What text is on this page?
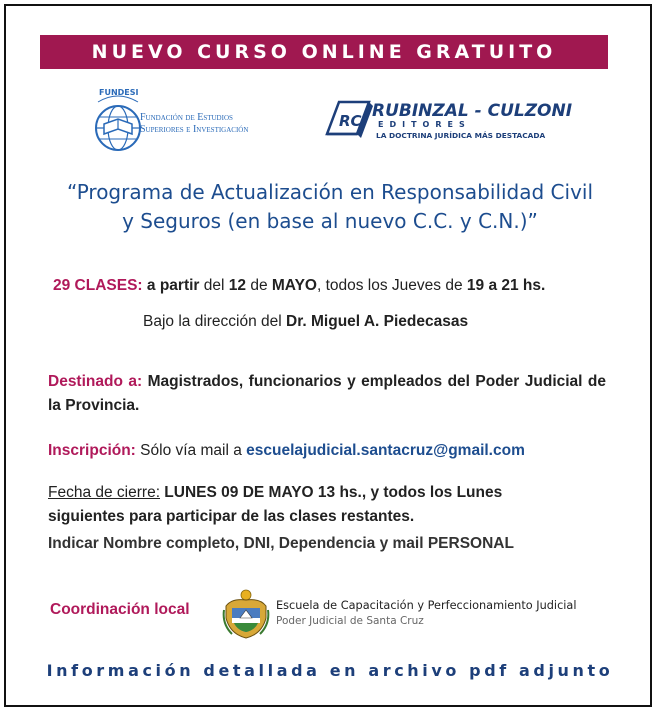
NUEVO CURSO ONLINE GRATUITO
FUNDESI
Fundación de Estudios
Superiores e Investigación	RC RUBINZAL - CULZONI
EDITORES
LA DOCTRINA JURÍDICA MÁS DESTACADA
“Programa de Actualización en Responsabilidad Civil
y Seguros (en base al nuevo C.C. y C.N.)”
29 CLASES: a partir del 12 de MAYO, todos los Jueves de 19 a 21 hs.
Bajo la dirección del Dr. Miguel A. Piedecasas
Destinado a: Magistrados, funcionarios y empleados del Poder Judicial de la Provincia.
Inscripción: Sólo vía mail a escuelajudicial.santacruz@gmail.com
Fecha de cierre: LUNES 09 DE MAYO 13 hs., y todos los Lunes
siguientes para participar de las clases restantes.
Indicar Nombre completo, DNI, Dependencia y mail PERSONAL
Coordinación local	Escuela de Capacitación y Perfeccionamiento Judicial
Poder Judicial de Santa Cruz
Información detallada en archivo pdf adjunto
